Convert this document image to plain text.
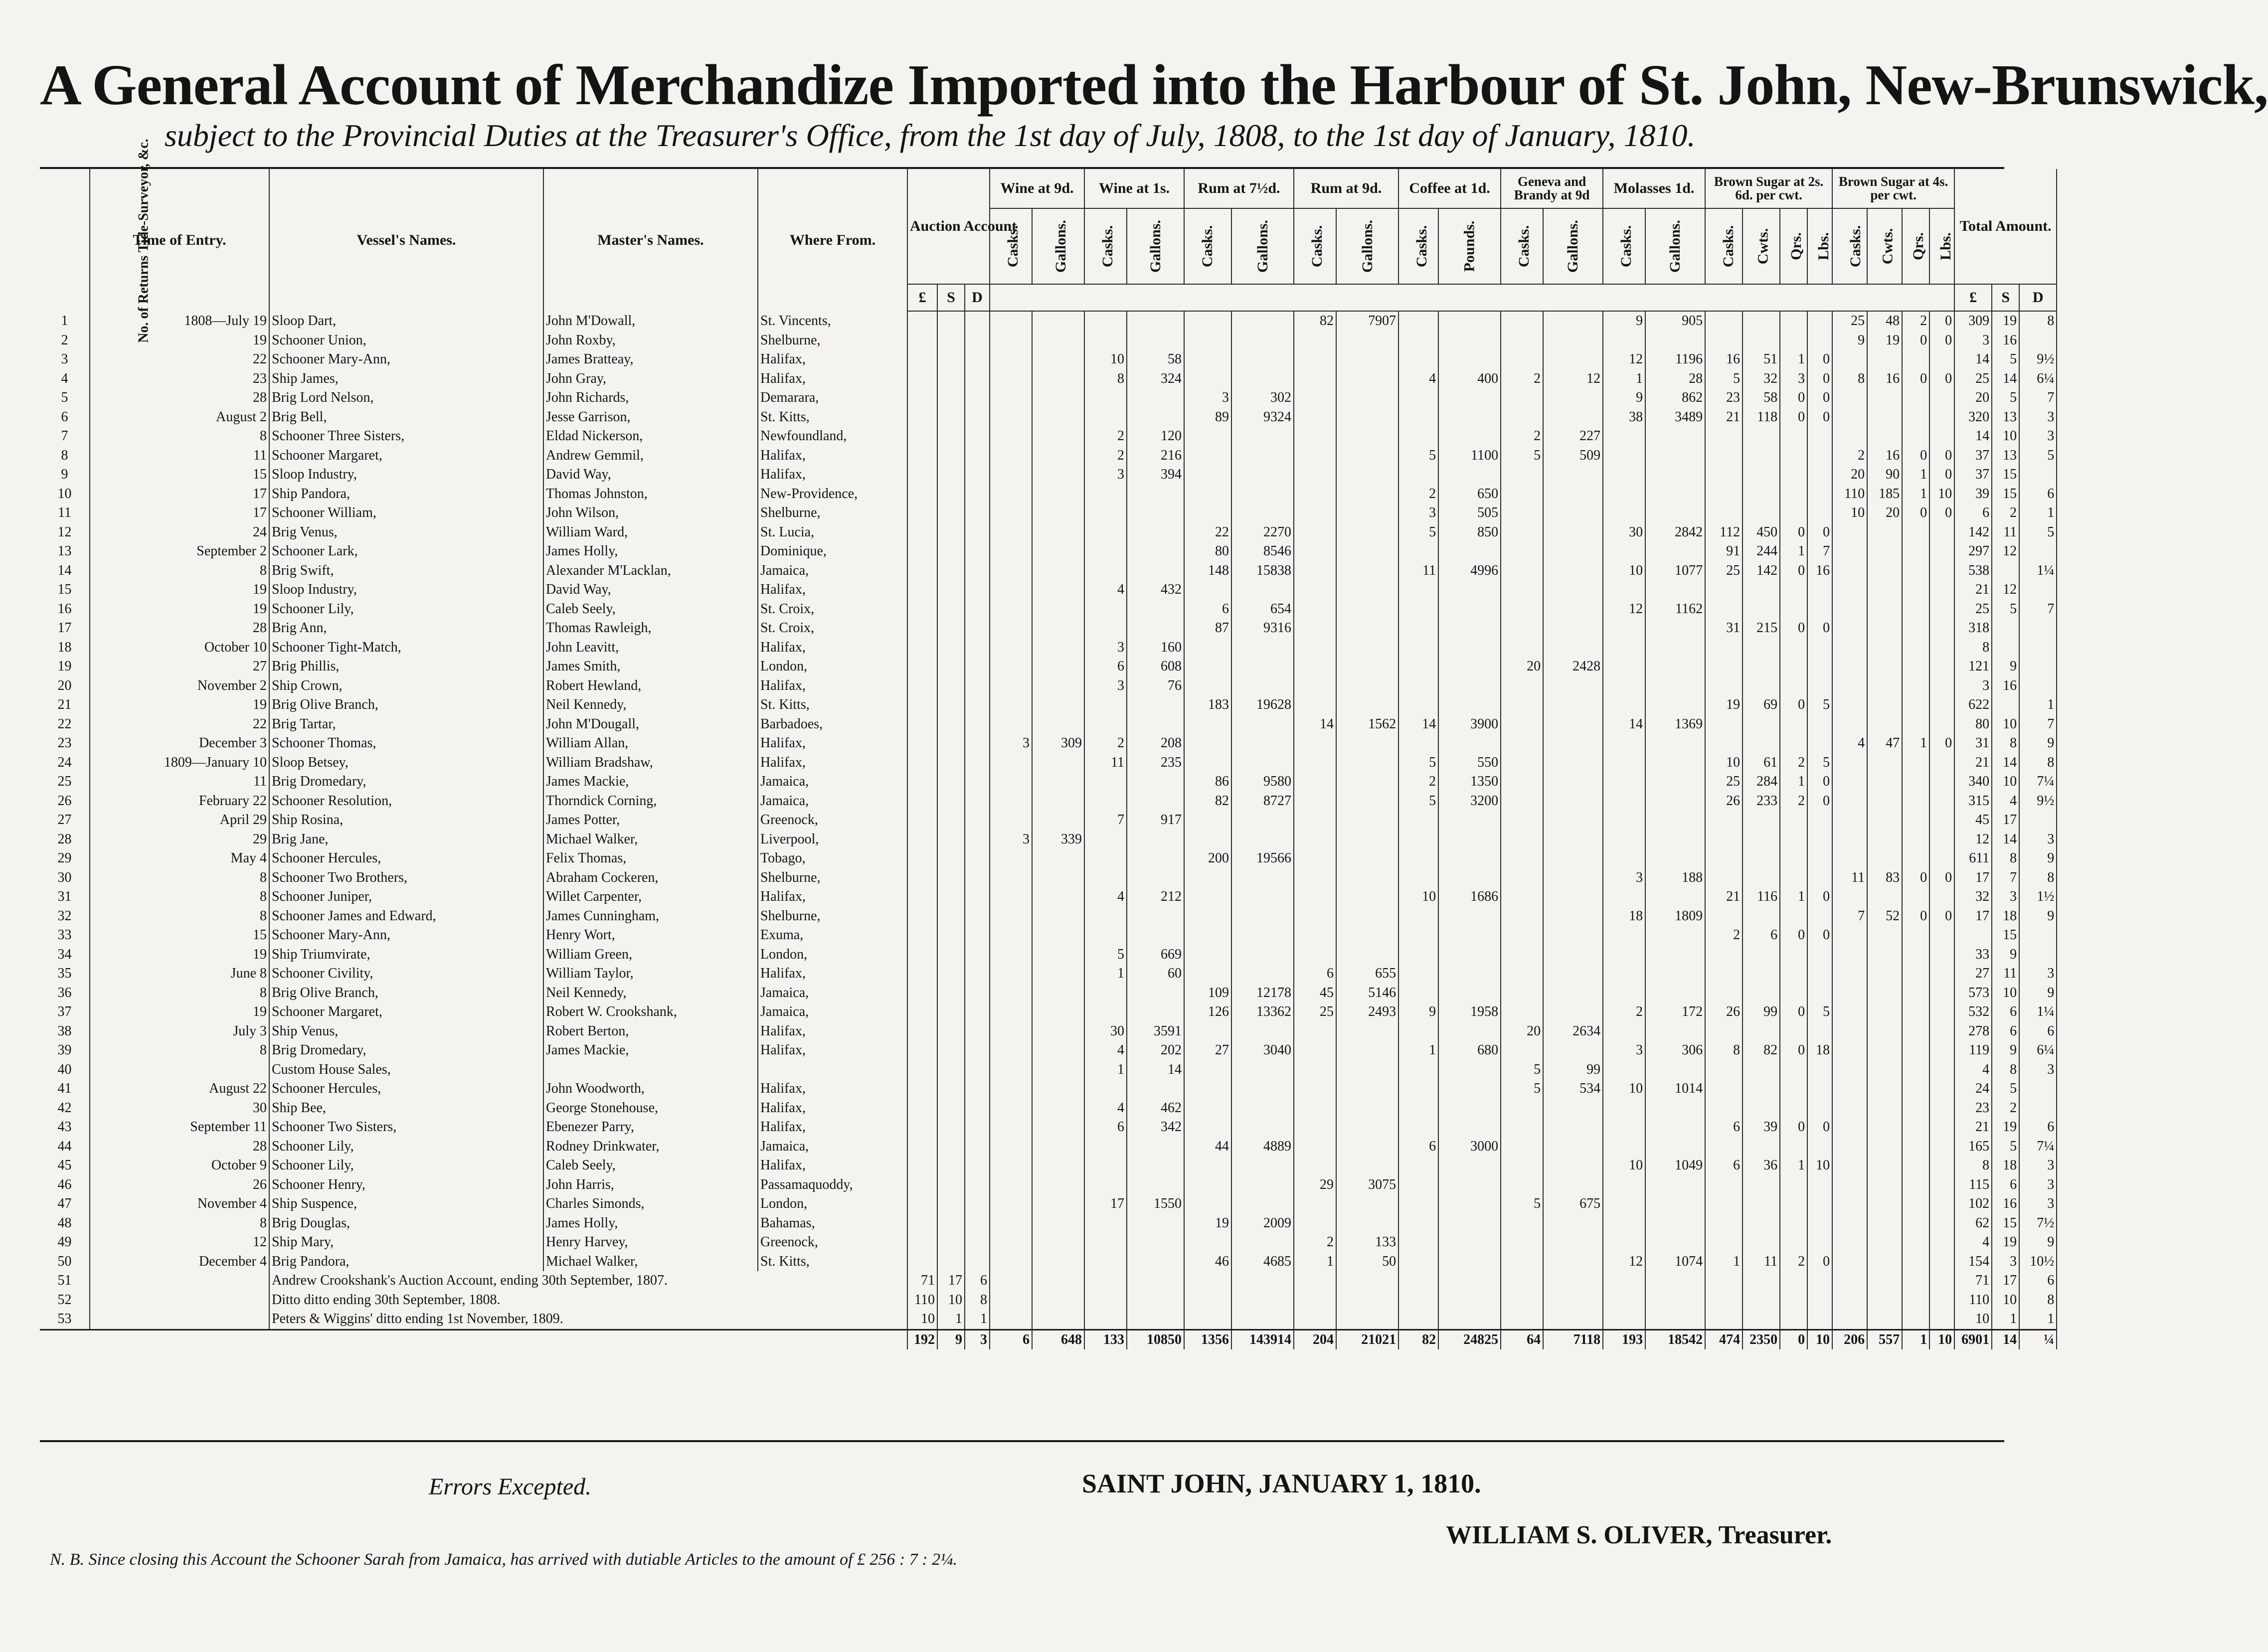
A General Account of Merchandize Imported into the Harbour of St. John, New-Brunswick,
subject to the Provincial Duties at the Treasurer's Office, from the 1st day of July, 1808, to the 1st day of January, 1810.
No. of Returns Tide-Surveyor, &c.	Time of Entry.	Vessel's Names.	Master's Names.	Where From.	Auction Account			Wine at 9d.		Wine at 1s.		Rum at 7½d.		Rum at 9d.		Coffee at 1d.		Geneva and Brandy at 9d		Molasses 1d.		Brown Sugar at 2s. 6d. per cwt.				Brown Sugar at 4s. per cwt.				Total Amount.		
								Casks.	Gallons.	Casks.	Gallons.	Casks.	Gallons.	Casks.	Gallons.	Casks.	Pounds.	Casks.	Gallons.	Casks.	Gallons.	Casks.	Cwts.	Qrs.	Lbs.	Casks.	Cwts.	Qrs.	Lbs.			
					£	S	D																							£	S	D
1	1808—July 19	Sloop Dart,	John M'Dowall,	St. Vincents,										82	7907					9	905					25	48	2	0	309	19	8
2	19	Schooner Union,	John Roxby,	Shelburne,																						9	19	0	0	3	16	
3	22	Schooner Mary-Ann,	James Bratteay,	Halifax,						10	58									12	1196	16	51	1	0					14	5	9½
4	23	Ship James,	John Gray,	Halifax,						8	324					4	400	2	12	1	28	5	32	3	0	8	16	0	0	25	14	6¼
5	28	Brig Lord Nelson,	John Richards,	Demarara,								3	302							9	862	23	58	0	0					20	5	7
6	August 2	Brig Bell,	Jesse Garrison,	St. Kitts,								89	9324							38	3489	21	118	0	0					320	13	3
7	8	Schooner Three Sisters,	Eldad Nickerson,	Newfoundland,						2	120							2	227											14	10	3
8	11	Schooner Margaret,	Andrew Gemmil,	Halifax,						2	216					5	1100	5	509							2	16	0	0	37	13	5
9	15	Sloop Industry,	David Way,	Halifax,						3	394															20	90	1	0	37	15	
10	17	Ship Pandora,	Thomas Johnston,	New-Providence,												2	650									110	185	1	10	39	15	6
11	17	Schooner William,	John Wilson,	Shelburne,												3	505									10	20	0	0	6	2	1
12	24	Brig Venus,	William Ward,	St. Lucia,								22	2270			5	850			30	2842	112	450	0	0					142	11	5
13	September 2	Schooner Lark,	James Holly,	Dominique,								80	8546									91	244	1	7					297	12	
14	8	Brig Swift,	Alexander M'Lacklan,	Jamaica,								148	15838			11	4996			10	1077	25	142	0	16					538		1¼
15	19	Sloop Industry,	David Way,	Halifax,						4	432																			21	12	
16	19	Schooner Lily,	Caleb Seely,	St. Croix,								6	654							12	1162									25	5	7
17	28	Brig Ann,	Thomas Rawleigh,	St. Croix,								87	9316									31	215	0	0					318		
18	October 10	Schooner Tight-Match,	John Leavitt,	Halifax,						3	160																			8		
19	27	Brig Phillis,	James Smith,	London,						6	608							20	2428											121	9	
20	November 2	Ship Crown,	Robert Hewland,	Halifax,						3	76																			3	16	
21	19	Brig Olive Branch,	Neil Kennedy,	St. Kitts,								183	19628									19	69	0	5					622		1
22	22	Brig Tartar,	John M'Dougall,	Barbadoes,										14	1562	14	3900			14	1369									80	10	7
23	December 3	Schooner Thomas,	William Allan,	Halifax,				3	309	2	208															4	47	1	0	31	8	9
24	1809—January 10	Sloop Betsey,	William Bradshaw,	Halifax,						11	235					5	550					10	61	2	5					21	14	8
25	11	Brig Dromedary,	James Mackie,	Jamaica,								86	9580			2	1350					25	284	1	0					340	10	7¼
26	February 22	Schooner Resolution,	Thorndick Corning,	Jamaica,								82	8727			5	3200					26	233	2	0					315	4	9½
27	April 29	Ship Rosina,	James Potter,	Greenock,						7	917																			45	17	
28	29	Brig Jane,	Michael Walker,	Liverpool,				3	339																					12	14	3
29	May 4	Schooner Hercules,	Felix Thomas,	Tobago,								200	19566																	611	8	9
30	8	Schooner Two Brothers,	Abraham Cockeren,	Shelburne,																3	188					11	83	0	0	17	7	8
31	8	Schooner Juniper,	Willet Carpenter,	Halifax,						4	212					10	1686					21	116	1	0					32	3	1½
32	8	Schooner James and Edward,	James Cunningham,	Shelburne,																18	1809					7	52	0	0	17	18	9
33	15	Schooner Mary-Ann,	Henry Wort,	Exuma,																		2	6	0	0						15	
34	19	Ship Triumvirate,	William Green,	London,						5	669																			33	9	
35	June 8	Schooner Civility,	William Taylor,	Halifax,						1	60			6	655															27	11	3
36	8	Brig Olive Branch,	Neil Kennedy,	Jamaica,								109	12178	45	5146															573	10	9
37	19	Schooner Margaret,	Robert W. Crookshank,	Jamaica,								126	13362	25	2493	9	1958			2	172	26	99	0	5					532	6	1¼
38	July 3	Ship Venus,	Robert Berton,	Halifax,						30	3591							20	2634											278	6	6
39	8	Brig Dromedary,	James Mackie,	Halifax,						4	202	27	3040			1	680			3	306	8	82	0	18					119	9	6¼
40		Custom House Sales,								1	14							5	99											4	8	3
41	August 22	Schooner Hercules,	John Woodworth,	Halifax,														5	534	10	1014									24	5	
42	30	Ship Bee,	George Stonehouse,	Halifax,						4	462																			23	2	
43	September 11	Schooner Two Sisters,	Ebenezer Parry,	Halifax,						6	342											6	39	0	0					21	19	6
44	28	Schooner Lily,	Rodney Drinkwater,	Jamaica,								44	4889			6	3000													165	5	7¼
45	October 9	Schooner Lily,	Caleb Seely,	Halifax,																10	1049	6	36	1	10					8	18	3
46	26	Schooner Henry,	John Harris,	Passamaquoddy,										29	3075															115	6	3
47	November 4	Ship Suspence,	Charles Simonds,	London,						17	1550							5	675											102	16	3
48	8	Brig Douglas,	James Holly,	Bahamas,								19	2009																	62	15	7½
49	12	Ship Mary,	Henry Harvey,	Greenock,										2	133															4	19	9
50	December 4	Brig Pandora,	Michael Walker,	St. Kitts,								46	4685	1	50					12	1074	1	11	2	0					154	3	10½
51		Andrew Crookshank's Auction Account, ending 30th September, 1807.			71	17	6																							71	17	6
52		Ditto ditto ending 30th September, 1808.			110	10	8																							110	10	8
53		Peters & Wiggins' ditto ending 1st November, 1809.			10	1	1																							10	1	1
					192	9	3	6	648	133	10850	1356	143914	204	21021	82	24825	64	7118	193	18542	474	2350	0	10	206	557	1	10	6901	14	¼
Errors Excepted.	SAINT JOHN, JANUARY 1, 1810.
WILLIAM S. OLIVER, Treasurer.
N. B. Since closing this Account the Schooner Sarah from Jamaica, has arrived with dutiable Articles to the amount of £ 256 : 7 : 2¼.
